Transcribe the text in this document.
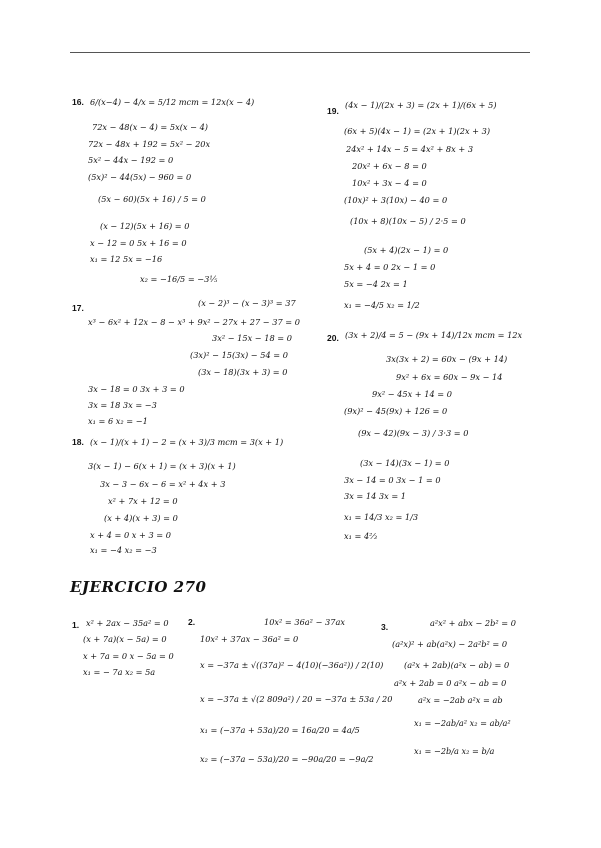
16. 6/(x−4) − 4/x = 5/12 mcm = 12x(x − 4)
72x − 48(x − 4) = 5x(x − 4)
72x − 48x + 192 = 5x² − 20x
5x² − 44x − 192 = 0
(5x)² − 44(5x) − 960 = 0
(5x − 60)(5x + 16) / 5 = 0
(x − 12)(5x + 16) = 0
x − 12 = 0 5x + 16 = 0
x₁ = 12 5x = −16
x₂ = −16/5 = −3⅕
17.	(x − 2)³ − (x − 3)³ = 37
x³ − 6x² + 12x − 8 − x³ + 9x² − 27x + 27 − 37 = 0
3x² − 15x − 18 = 0
(3x)² − 15(3x) − 54 = 0
(3x − 18)(3x + 3) = 0
3x − 18 = 0 3x + 3 = 0
3x = 18 3x = −3
x₁ = 6 x₂ = −1
18. (x − 1)/(x + 1) − 2 = (x + 3)/3 mcm = 3(x + 1)
3(x − 1) − 6(x + 1) = (x + 3)(x + 1)
3x − 3 − 6x − 6 = x² + 4x + 3
x² + 7x + 12 = 0
(x + 4)(x + 3) = 0
x + 4 = 0 x + 3 = 0
x₁ = −4 x₂ = −3
19.
(4x − 1)/(2x + 3) = (2x + 1)/(6x + 5)
(6x + 5)(4x − 1) = (2x + 1)(2x + 3)
24x² + 14x − 5 = 4x² + 8x + 3
20x² + 6x − 8 = 0
10x² + 3x − 4 = 0
(10x)² + 3(10x) − 40 = 0
(10x + 8)(10x − 5) / 2·5 = 0
(5x + 4)(2x − 1) = 0
5x + 4 = 0 2x − 1 = 0
5x = −4 2x = 1
x₁ = −4/5 x₂ = 1/2
20. (3x + 2)/4 = 5 − (9x + 14)/12x mcm = 12x
3x(3x + 2) = 60x − (9x + 14)
9x² + 6x = 60x − 9x − 14
9x² − 45x + 14 = 0
(9x)² − 45(9x) + 126 = 0
(9x − 42)(9x − 3) / 3·3 = 0
(3x − 14)(3x − 1) = 0
3x − 14 = 0 3x − 1 = 0
3x = 14 3x = 1
x₁ = 14/3 x₂ = 1/3
x₁ = 4⅔
EJERCICIO 270
1. x² + 2ax − 35a² = 0
(x + 7a)(x − 5a) = 0
x + 7a = 0 x − 5a = 0
x₁ = − 7a x₂ = 5a
2.	10x² = 36a² − 37ax
10x² + 37ax − 36a² = 0
x = −37a ± √((37a)² − 4(10)(−36a²)) / 2(10)
x = −37a ± √(2 809a²) / 20 = −37a ± 53a / 20
x₁ = (−37a + 53a)/20 = 16a/20 = 4a/5
x₂ = (−37a − 53a)/20 = −90a/20 = −9a/2
3.	a²x² + abx − 2b² = 0
(a²x)² + ab(a²x) − 2a²b² = 0
(a²x + 2ab)(a²x − ab) = 0
a²x + 2ab = 0 a²x − ab = 0
a²x = −2ab a²x = ab
x₁ = −2ab/a² x₂ = ab/a²
x₁ = −2b/a x₂ = b/a
